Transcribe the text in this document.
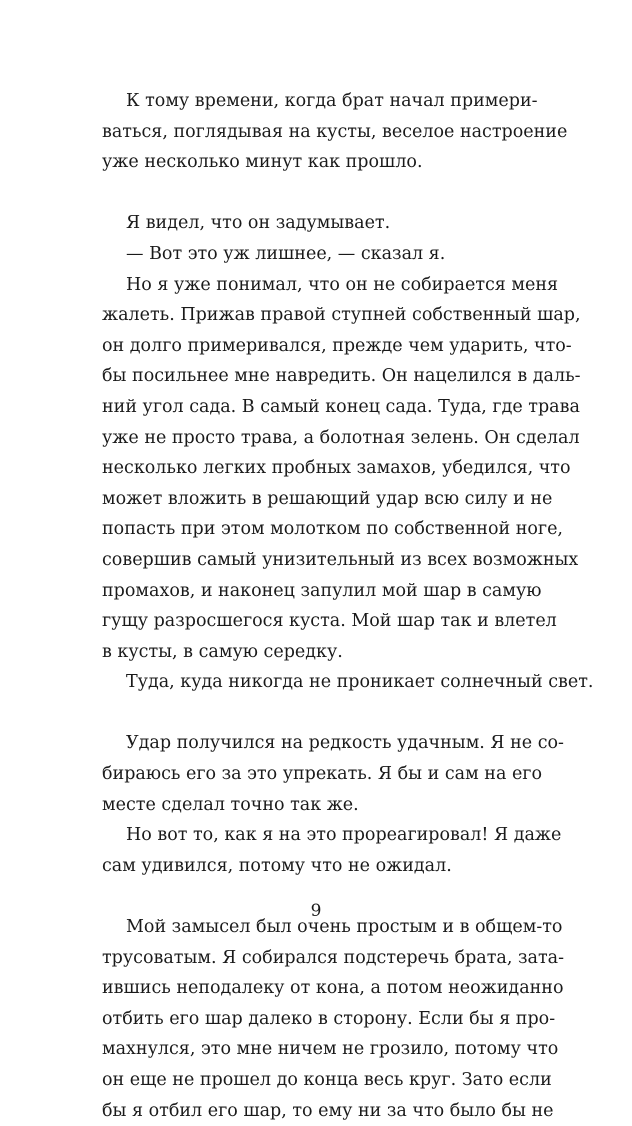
К тому времени, когда брат начал примери-
ваться, поглядывая на кусты, веселое настроение
уже несколько минут как прошло.
Я видел, что он задумывает.
— Вот это уж лишнее, — сказал я.
Но я уже понимал, что он не собирается меня
жалеть. Прижав правой ступней собственный шар,
он долго примеривался, прежде чем ударить, что-
бы посильнее мне навредить. Он нацелился в даль-
ний угол сада. В самый конец сада. Туда, где трава
уже не просто трава, а болотная зелень. Он сделал
несколько легких пробных замахов, убедился, что
может вложить в решающий удар всю силу и не
попасть при этом молотком по собственной ноге,
совершив самый унизительный из всех возможных
промахов, и наконец запулил мой шар в самую
гущу разросшегося куста. Мой шар так и влетел
в кусты, в самую середку.
Туда, куда никогда не проникает солнечный свет.
Удар получился на редкость удачным. Я не со-
бираюсь его за это упрекать. Я бы и сам на его
месте сделал точно так же.
Но вот то, как я на это прореагировал! Я даже
сам удивился, потому что не ожидал.
Мой замысел был очень простым и в общем-то
трусоватым. Я собирался подстеречь брата, зата-
ившись неподалеку от кона, а потом неожиданно
отбить его шар далеко в сторону. Если бы я про-
махнулся, это мне ничем не грозило, потому что
он еще не прошел до конца весь круг. Зато если
бы я отбил его шар, то ему ни за что было бы не
9
